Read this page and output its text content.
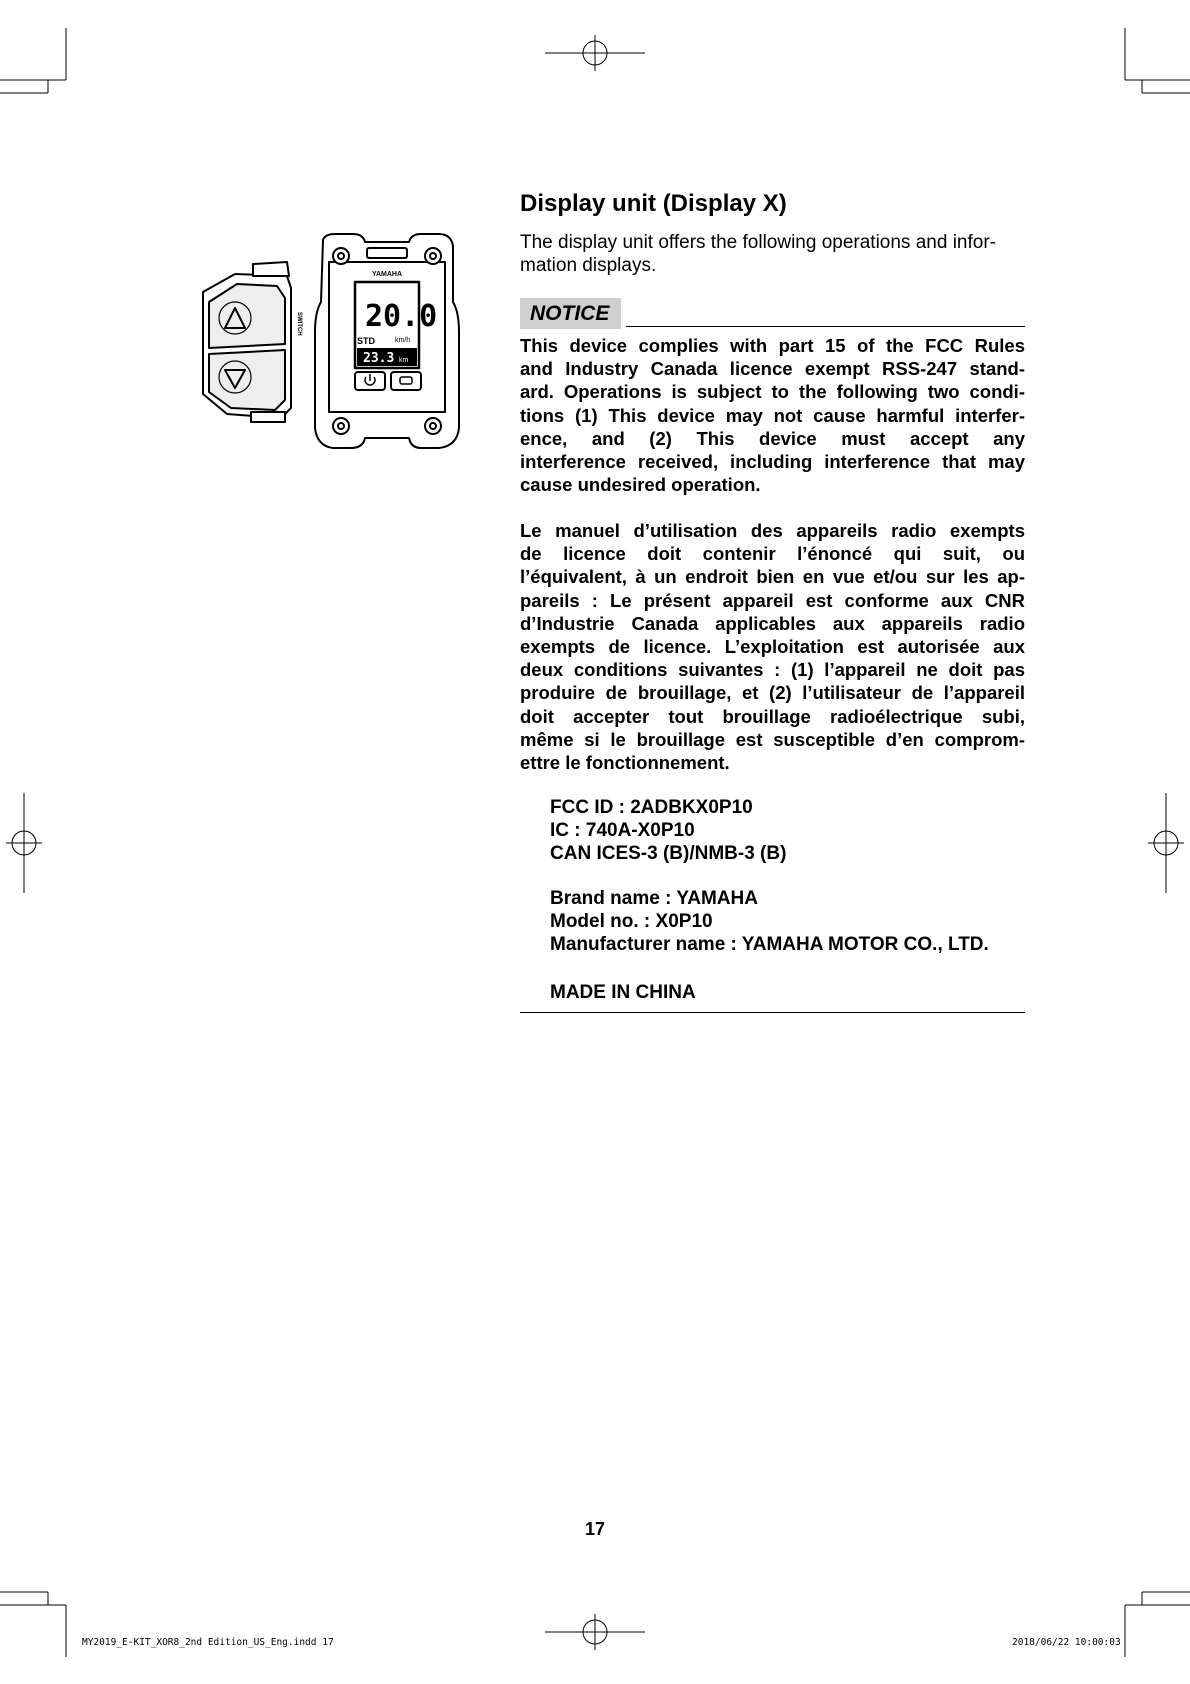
YAMAHA
20.0
km/h
STD
23.3 km
SWITCH
Display unit (Display X)
The display unit offers the following operations and infor-
mation displays.
NOTICE
This device complies with part 15 of the FCC Rules
and Industry Canada licence exempt RSS-247 stand-
ard. Operations is subject to the following two condi-
tions (1) This device may not cause harmful interfer-
ence, and (2) This device must accept any
interference received, including interference that may
cause undesired operation.
Le manuel d’utilisation des appareils radio exempts
de licence doit contenir l’énoncé qui suit, ou
l’équivalent, à un endroit bien en vue et/ou sur les ap-
pareils : Le présent appareil est conforme aux CNR
d’Industrie Canada applicables aux appareils radio
exempts de licence. L’exploitation est autorisée aux
deux conditions suivantes : (1) l’appareil ne doit pas
produire de brouillage, et (2) l’utilisateur de l’appareil
doit accepter tout brouillage radioélectrique subi,
même si le brouillage est susceptible d’en comprom-
ettre le fonctionnement.
FCC ID : 2ADBKX0P10
IC : 740A-X0P10
CAN ICES-3 (B)/NMB-3 (B)
Brand name : YAMAHA
Model no. : X0P10
Manufacturer name : YAMAHA MOTOR CO., LTD.
MADE IN CHINA
17
MY2019_E-KIT_XOR8_2nd Edition_US_Eng.indd 17	2018/06/22 10:00:03
